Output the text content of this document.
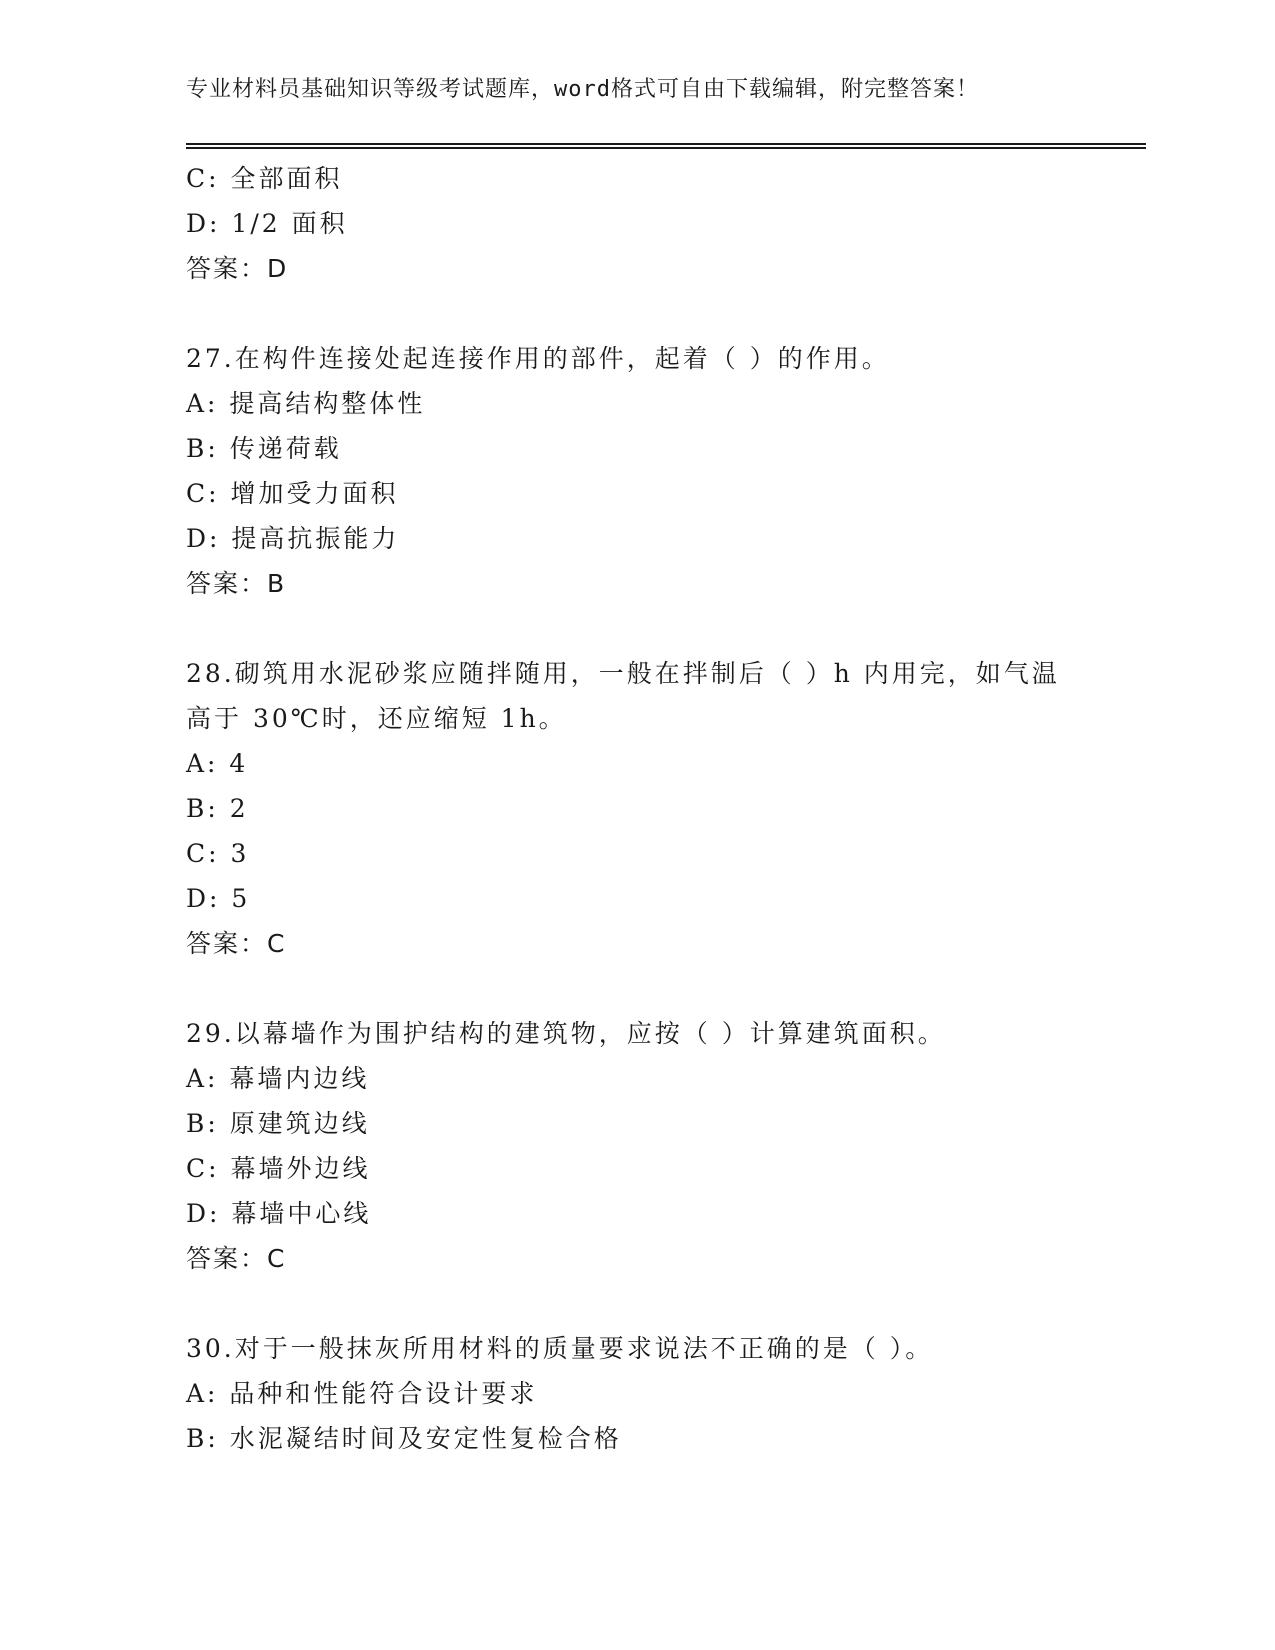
专业材料员基础知识等级考试题库，word格式可自由下载编辑，附完整答案！
C: 全部面积
D: 1/2 面积
答案：D
27.在构件连接处起连接作用的部件，起着（ ）的作用。
A: 提高结构整体性
B: 传递荷载
C: 增加受力面积
D: 提高抗振能力
答案：B
28.砌筑用水泥砂浆应随拌随用，一般在拌制后（ ）h 内用完，如气温
高于 30℃时，还应缩短 1h。
A: 4
B: 2
C: 3
D: 5
答案：C
29.以幕墙作为围护结构的建筑物，应按（ ）计算建筑面积。
A: 幕墙内边线
B: 原建筑边线
C: 幕墙外边线
D: 幕墙中心线
答案：C
30.对于一般抹灰所用材料的质量要求说法不正确的是（ ）。
A: 品种和性能符合设计要求
B: 水泥凝结时间及安定性复检合格
